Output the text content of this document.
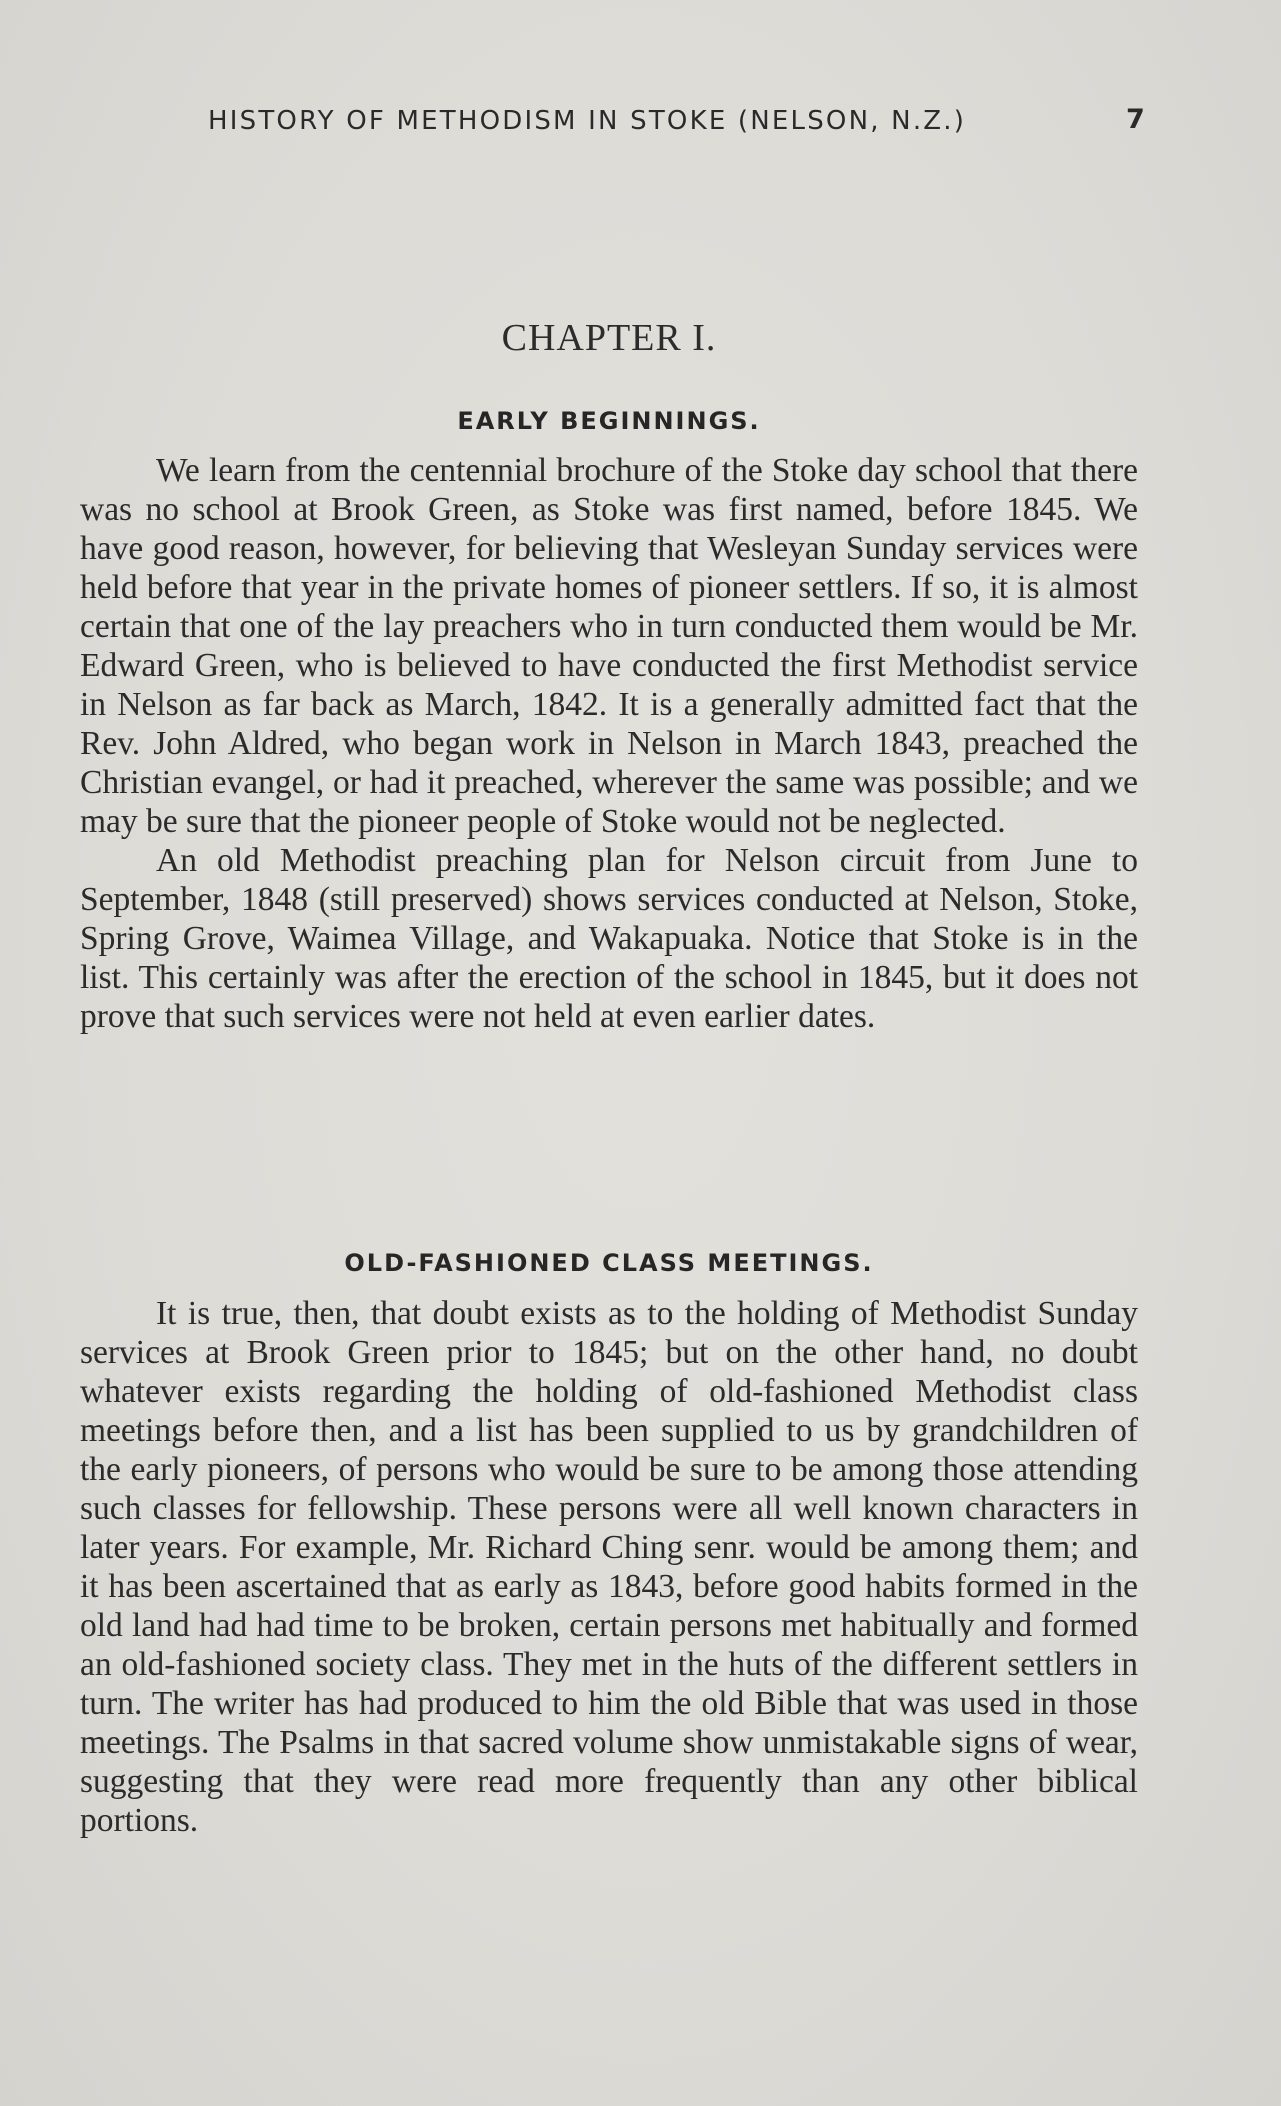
HISTORY OF METHODISM IN STOKE (NELSON, N.Z.)	7
CHAPTER I.
EARLY BEGINNINGS.

We learn from the centennial brochure of the Stoke day school that there was no school at Brook Green, as Stoke was first named, before 1845. We have good reason, however, for believing that Wesleyan Sunday services were held before that year in the private homes of pioneer settlers. If so, it is almost certain that one of the lay preachers who in turn conducted them would be Mr. Edward Green, who is believed to have conducted the first Methodist service in Nelson as far back as March, 1842. It is a generally admitted fact that the Rev. John Aldred, who began work in Nelson in March 1843, preached the Christian evangel, or had it preached, wherever the same was possible; and we may be sure that the pioneer people of Stoke would not be neglected.

An old Methodist preaching plan for Nelson circuit from June to September, 1848 (still preserved) shows services conducted at Nelson, Stoke, Spring Grove, Waimea Village, and Wakapuaka. Notice that Stoke is in the list. This certainly was after the erection of the school in 1845, but it does not prove that such services were not held at even earlier dates.

OLD-FASHIONED CLASS MEETINGS.

It is true, then, that doubt exists as to the holding of Methodist Sunday services at Brook Green prior to 1845; but on the other hand, no doubt whatever exists regarding the holding of old-fashioned Methodist class meetings before then, and a list has been supplied to us by grandchildren of the early pioneers, of persons who would be sure to be among those attending such classes for fellowship. These persons were all well known characters in later years. For example, Mr. Richard Ching senr. would be among them; and it has been ascertained that as early as 1843, before good habits formed in the old land had had time to be broken, certain persons met habitually and formed an old-fashioned society class. They met in the huts of the different settlers in turn. The writer has had produced to him the old Bible that was used in those meetings. The Psalms in that sacred volume show unmistakable signs of wear, suggesting that they were read more frequently than any other biblical portions.
